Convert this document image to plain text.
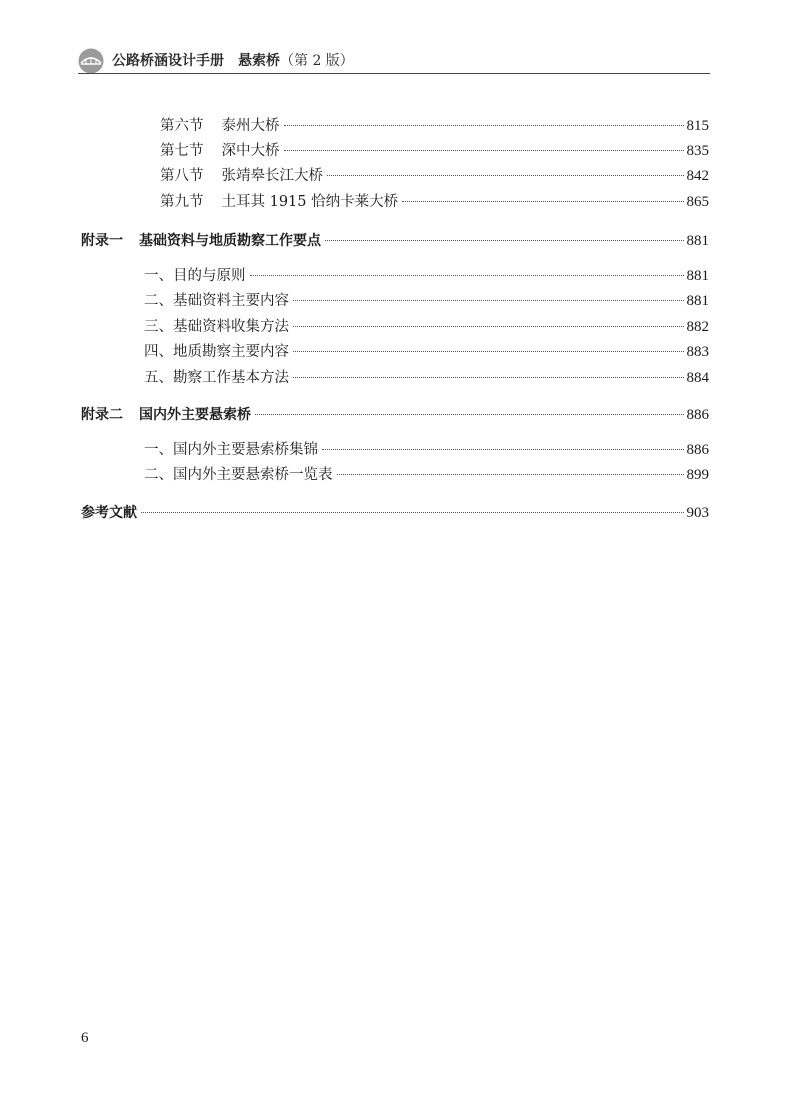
公路桥涵设计手册　悬索桥（第 2 版）
第六节 泰州大桥	815
第七节 深中大桥	835
第八节 张靖皋长江大桥	842
第九节 土耳其 1915 恰纳卡莱大桥	865
附录一 基础资料与地质勘察工作要点	881
一、目的与原则	881
二、基础资料主要内容	881
三、基础资料收集方法	882
四、地质勘察主要内容	883
五、勘察工作基本方法	884
附录二 国内外主要悬索桥	886
一、国内外主要悬索桥集锦	886
二、国内外主要悬索桥一览表	899
参考文献	903
6
